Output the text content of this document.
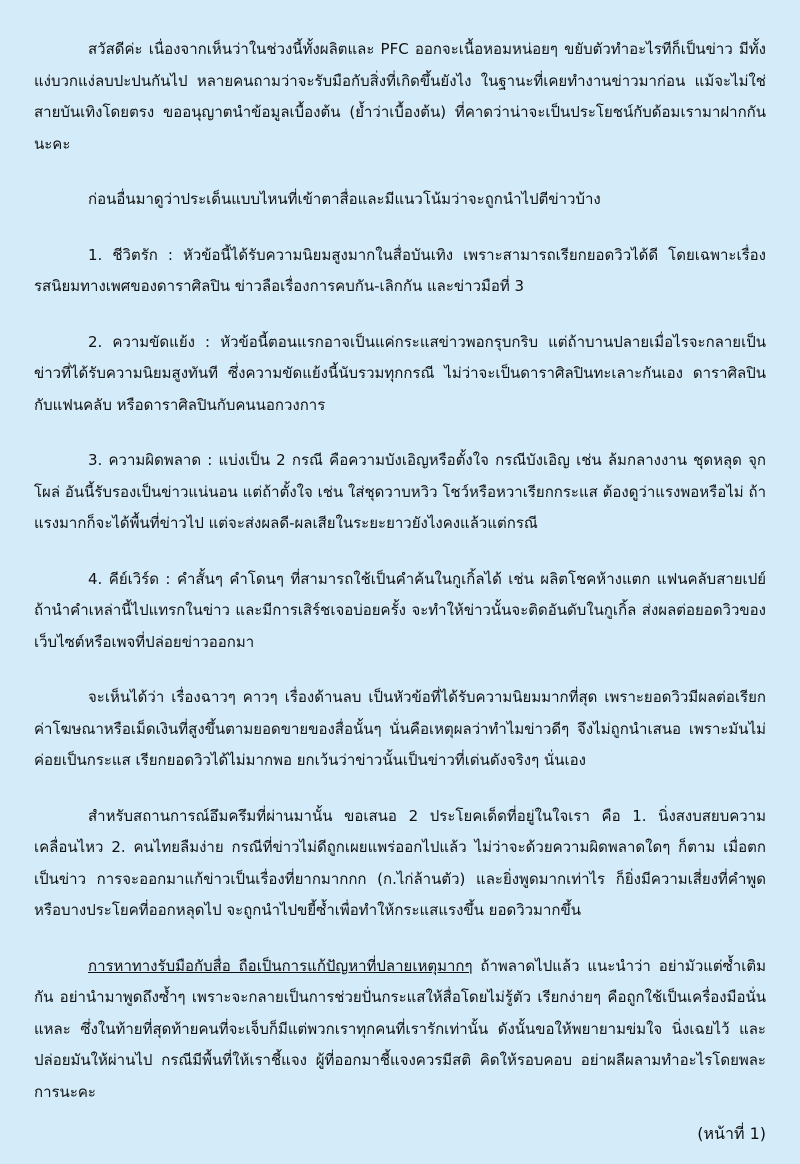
สวัสดีค่ะ เนื่องจากเห็นว่าในช่วงนี้ทั้งผลิตและ PFC ออกจะเนื้อหอมหน่อยๆ ขยับตัวทำอะไรทีก็เป็นข่าว มีทั้งแง่บวกแง่ลบปะปนกันไป หลายคนถามว่าจะรับมือกับสิ่งที่เกิดขึ้นยังไง ในฐานะที่เคยทำงานข่าวมาก่อน แม้จะไม่ใช่สายบันเทิงโดยตรง ขออนุญาตนำข้อมูลเบื้องต้น (ย้ำว่าเบื้องต้น) ที่คาดว่าน่าจะเป็นประโยชน์กับด้อมเรามาฝากกันนะคะ

ก่อนอื่นมาดูว่าประเด็นแบบไหนที่เข้าตาสื่อและมีแนวโน้มว่าจะถูกนำไปตีข่าวบ้าง

1. ชีวิตรัก : หัวข้อนี้ได้รับความนิยมสูงมากในสื่อบันเทิง เพราะสามารถเรียกยอดวิวได้ดี โดยเฉพาะเรื่องรสนิยมทางเพศของดาราศิลปิน ข่าวลือเรื่องการคบกัน-เลิกกัน และข่าวมือที่ 3

2. ความขัดแย้ง : หัวข้อนี้ตอนแรกอาจเป็นแค่กระแสข่าวพอกรุบกริบ แต่ถ้าบานปลายเมื่อไรจะกลายเป็นข่าวที่ได้รับความนิยมสูงทันที ซึ่งความขัดแย้งนี้นับรวมทุกกรณี ไม่ว่าจะเป็นดาราศิลปินทะเลาะกันเอง ดาราศิลปินกับแฟนคลับ หรือดาราศิลปินกับคนนอกวงการ

3. ความผิดพลาด : แบ่งเป็น 2 กรณี คือความบังเอิญหรือตั้งใจ กรณีบังเอิญ เช่น ล้มกลางงาน ชุดหลุด จุกโผล่ อันนี้รับรองเป็นข่าวแน่นอน แต่ถ้าตั้งใจ เช่น ใส่ชุดวาบหวิว โชว์หรือหวาเรียกกระแส ต้องดูว่าแรงพอหรือไม่ ถ้าแรงมากก็จะได้พื้นที่ข่าวไป แต่จะส่งผลดี-ผลเสียในระยะยาวยังไงคงแล้วแต่กรณี

4. คีย์เวิร์ด : คำสั้นๆ คำโดนๆ ที่สามารถใช้เป็นคำค้นในกูเกิ้ลได้ เช่น ผลิตโชคห้างแตก แฟนคลับสายเปย์ ถ้านำคำเหล่านี้ไปแทรกในข่าว และมีการเสิร์ชเจอบ่อยครั้ง จะทำให้ข่าวนั้นจะติดอันดับในกูเกิ้ล ส่งผลต่อยอดวิวของเว็บไซต์หรือเพจที่ปล่อยข่าวออกมา

จะเห็นได้ว่า เรื่องฉาวๆ คาวๆ เรื่องด้านลบ เป็นหัวข้อที่ได้รับความนิยมมากที่สุด เพราะยอดวิวมีผลต่อเรียกค่าโฆษณาหรือเม็ดเงินที่สูงขึ้นตามยอดขายของสื่อนั้นๆ นั่นคือเหตุผลว่าทำไมข่าวดีๆ จึงไม่ถูกนำเสนอ เพราะมันไม่ค่อยเป็นกระแส เรียกยอดวิวได้ไม่มากพอ ยกเว้นว่าข่าวนั้นเป็นข่าวที่เด่นดังจริงๆ นั่นเอง

สำหรับสถานการณ์อึมครึมที่ผ่านมานั้น ขอเสนอ 2 ประโยคเด็ดที่อยู่ในใจเรา คือ 1. นิ่งสงบสยบความเคลื่อนไหว 2. คนไทยลืมง่าย กรณีที่ข่าวไม่ดีถูกเผยแพร่ออกไปแล้ว ไม่ว่าจะด้วยความผิดพลาดใดๆ ก็ตาม เมื่อตกเป็นข่าว การจะออกมาแก้ข่าวเป็นเรื่องที่ยากมากกก (ก.ไก่ล้านตัว) และยิ่งพูดมากเท่าไร ก็ยิ่งมีความเสี่ยงที่คำพูดหรือบางประโยคที่ออกหลุดไป จะถูกนำไปขยี้ซ้ำเพื่อทำให้กระแสแรงขึ้น ยอดวิวมากขึ้น

การหาทางรับมือกับสื่อ ถือเป็นการแก้ปัญหาที่ปลายเหตุมากๆ ถ้าพลาดไปแล้ว แนะนำว่า อย่ามัวแต่ซ้ำเติมกัน อย่านำมาพูดถึงซ้ำๆ เพราะจะกลายเป็นการช่วยปั่นกระแสให้สื่อโดยไม่รู้ตัว เรียกง่ายๆ คือถูกใช้เป็นเครื่องมือนั่นแหละ ซึ่งในท้ายที่สุดท้ายคนที่จะเจ็บก็มีแต่พวกเราทุกคนที่เรารักเท่านั้น ดังนั้นขอให้พยายามข่มใจ นิ่งเฉยไว้ และปล่อยมันให้ผ่านไป กรณีมีพื้นที่ให้เราชี้แจง ผู้ที่ออกมาชี้แจงควรมีสติ คิดให้รอบคอบ อย่าผลีผลามทำอะไรโดยพละการนะคะ

(หน้าที่ 1)
